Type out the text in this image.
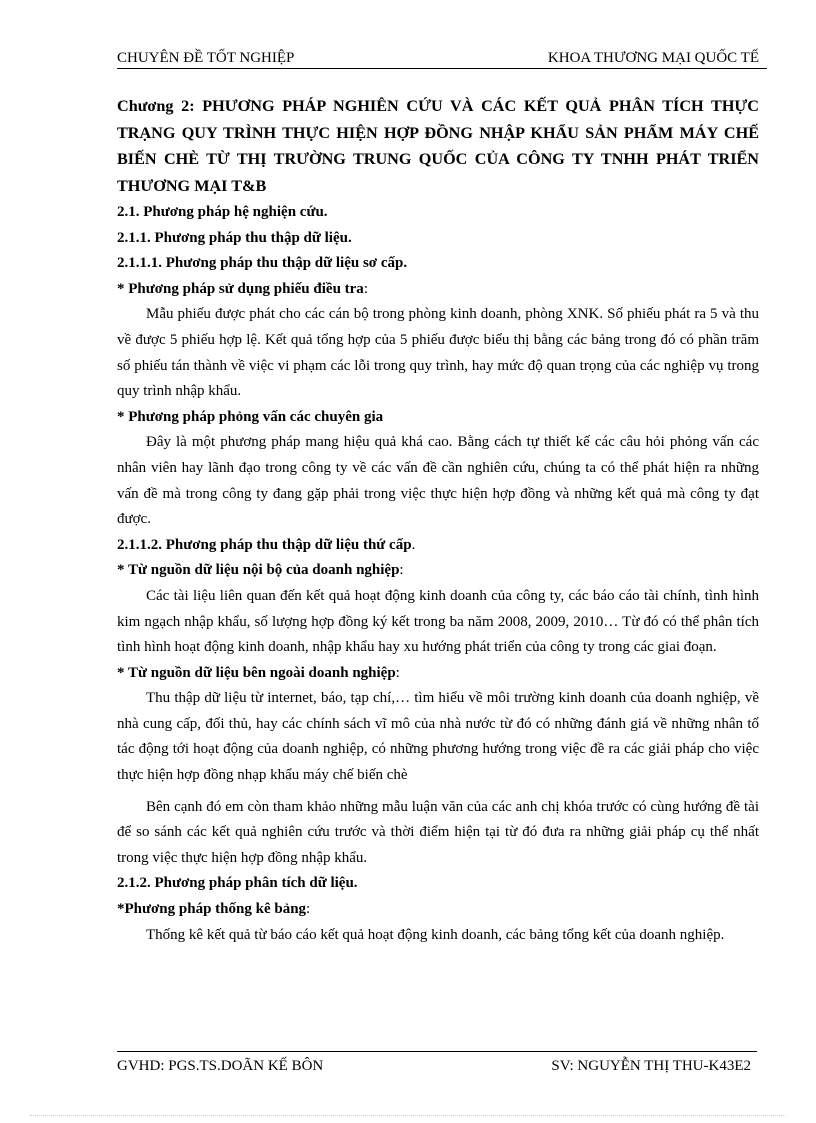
CHUYÊN ĐỀ TỐT NGHIỆP	KHOA THƯƠNG MẠI QUỐC TẾ
Chương 2: PHƯƠNG PHÁP NGHIÊN CỨU VÀ CÁC KẾT QUẢ PHÂN TÍCH THỰC TRẠNG QUY TRÌNH THỰC HIỆN HỢP ĐỒNG NHẬP KHẨU SẢN PHẨM MÁY CHẾ BIẾN CHÈ TỪ THỊ TRƯỜNG TRUNG QUỐC CỦA CÔNG TY TNHH PHÁT TRIỂN THƯƠNG MẠI T&B

2.1. Phương pháp hệ nghiện cứu.

2.1.1. Phương pháp thu thập dữ liệu.

2.1.1.1. Phương pháp thu thập dữ liệu sơ cấp.

* Phương pháp sử dụng phiếu điều tra:

Mẫu phiếu được phát cho các cán bộ trong phòng kinh doanh, phòng XNK. Số phiếu phát ra 5 và thu về được 5 phiếu hợp lệ. Kết quả tổng hợp của 5 phiếu được biểu thị bằng các bảng trong đó có phần trăm số phiếu tán thành về việc vi phạm các lỗi trong quy trình, hay mức độ quan trọng của các nghiệp vụ trong quy trình nhập khẩu.

* Phương pháp phỏng vấn các chuyên gia

Đây là một phương pháp mang hiệu quả khá cao. Bằng cách tự thiết kế các câu hỏi phỏng vấn các nhân viên hay lãnh đạo trong công ty về các vấn đề cần nghiên cứu, chúng ta có thể phát hiện ra những vấn đề mà trong công ty đang gặp phải trong việc thực hiện hợp đồng và những kết quả mà công ty đạt được.

2.1.1.2. Phương pháp thu thập dữ liệu thứ cấp.

* Từ nguồn dữ liệu nội bộ của doanh nghiệp:

Các tài liệu liên quan đến kết quả hoạt động kinh doanh của công ty, các báo cáo tài chính, tình hình kim ngạch nhập khẩu, số lượng hợp đồng ký kết trong ba năm 2008, 2009, 2010… Từ đó có thể phân tích tình hình hoạt động kinh doanh, nhập khẩu hay xu hướng phát triển của công ty trong các giai đoạn.

* Từ nguồn dữ liệu bên ngoài doanh nghiệp:

Thu thập dữ liệu từ internet, báo, tạp chí,… tìm hiểu về môi trường kinh doanh của doanh nghiệp, về nhà cung cấp, đối thủ, hay các chính sách vĩ mô của nhà nước từ đó có những đánh giá về những nhân tố tác động tới hoạt động của doanh nghiệp, có những phương hướng trong việc đề ra các giải pháp cho việc thực hiện hợp đồng nhạp khẩu máy chế biến chè

Bên cạnh đó em còn tham khảo những mẫu luận văn của các anh chị khóa trước có cùng hướng đề tài để so sánh các kết quả nghiên cứu trước và thời điểm hiện tại từ đó đưa ra những giải pháp cụ thể nhất trong việc thực hiện hợp đồng nhập khẩu.

2.1.2. Phương pháp phân tích dữ liệu.

*Phương pháp thống kê bảng:

Thống kê kết quả từ báo cáo kết quả hoạt động kinh doanh, các bảng tổng kết của doanh nghiệp.

GVHD: PGS.TS.DOÃN KẾ BÔN	SV: NGUYỄN THỊ THU-K43E2
